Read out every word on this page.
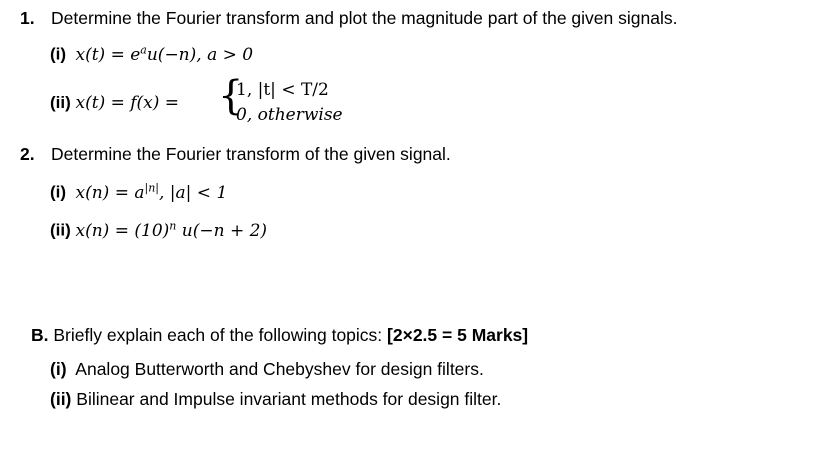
1. Determine the Fourier transform and plot the magnitude part of the given signals.
(i) $x(t) = e^au(-n)$, a > 0
(ii) x(t) = f(x) = {
1, |t| < T/2
0, otherwise
2. Determine the Fourier transform of the given signal.
(i) $x(n) = a^{|n|}$, |a| < 1
(ii) $x(n) = (10)^n$ u(−n + 2)
B. Briefly explain each of the following topics: [2×2.5 = 5 Marks]
(i) Analog Butterworth and Chebyshev for design filters.
(ii) Bilinear and Impulse invariant methods for design filter.
